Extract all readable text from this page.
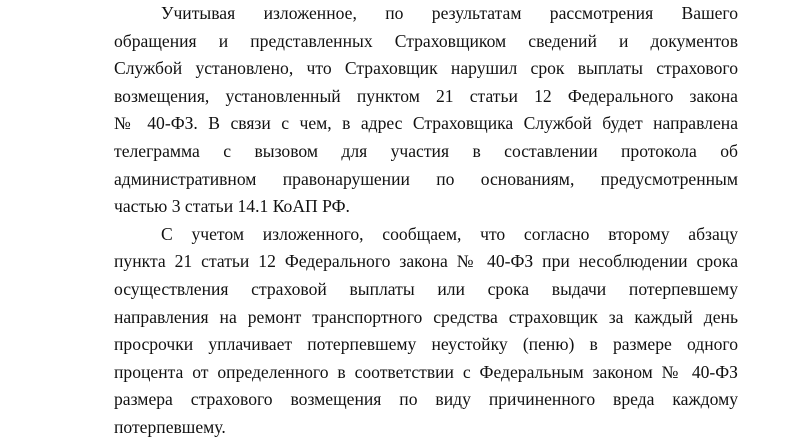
Учитывая изложенное, по результатам рассмотрения Вашего
обращения и представленных Страховщиком сведений и документов
Службой установлено, что Страховщик нарушил срок выплаты страхового
возмещения, установленный пунктом 21 статьи 12 Федерального закона
№ 40-ФЗ. В связи с чем, в адрес Страховщика Службой будет направлена
телеграмма с вызовом для участия в составлении протокола об
административном правонарушении по основаниям, предусмотренным
частью 3 статьи 14.1 КоАП РФ.
С учетом изложенного, сообщаем, что согласно второму абзацу
пункта 21 статьи 12 Федерального закона № 40-ФЗ при несоблюдении срока
осуществления страховой выплаты или срока выдачи потерпевшему
направления на ремонт транспортного средства страховщик за каждый день
просрочки уплачивает потерпевшему неустойку (пеню) в размере одного
процента от определенного в соответствии с Федеральным законом № 40-ФЗ
размера страхового возмещения по виду причиненного вреда каждому
потерпевшему.
